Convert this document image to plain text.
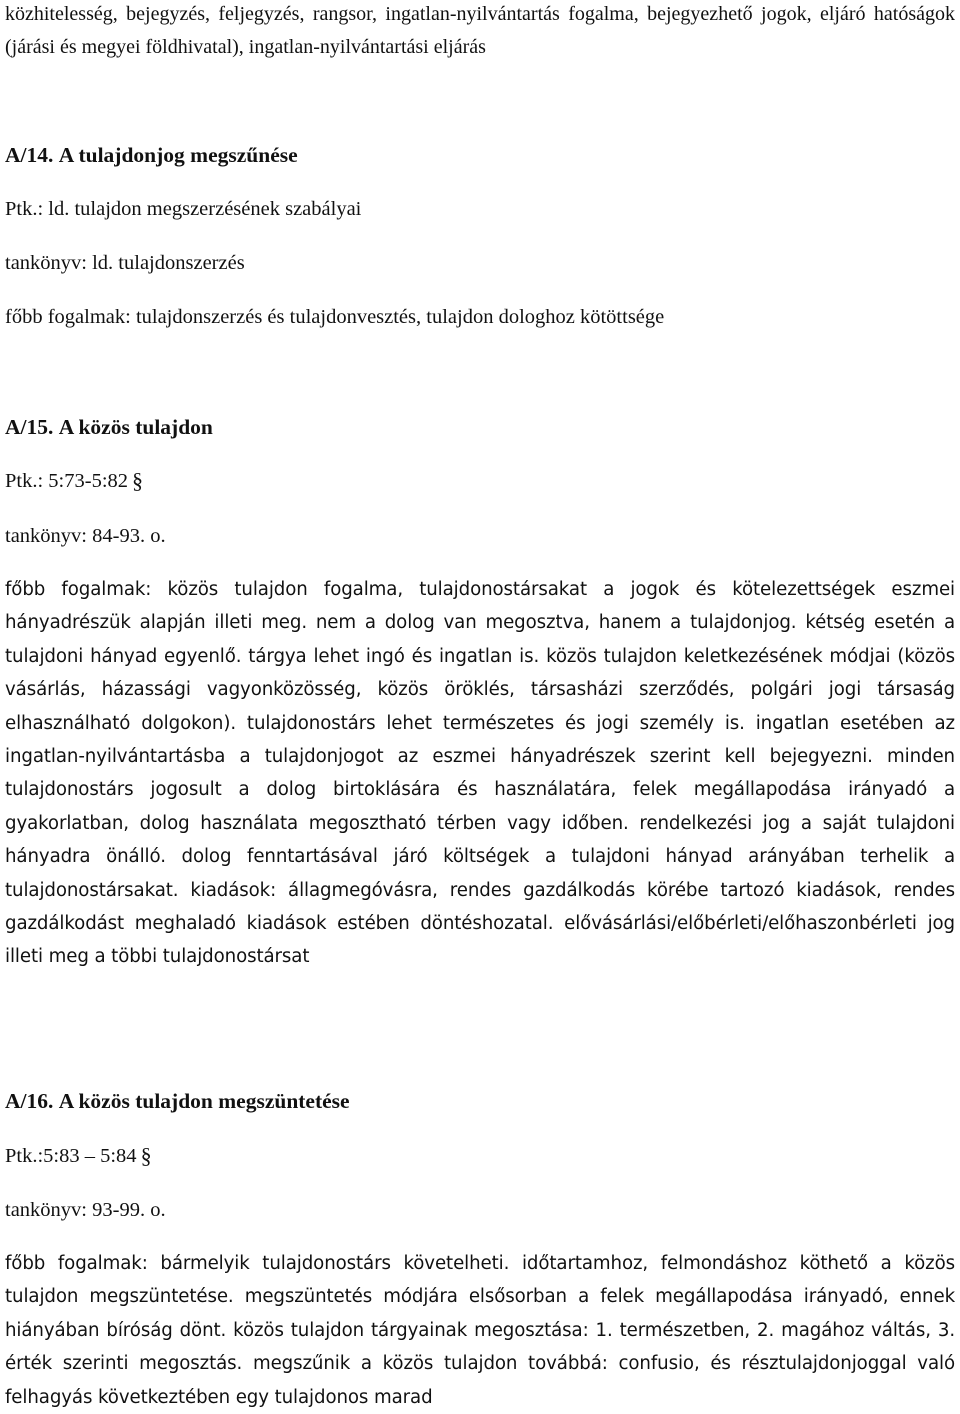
közhitelesség, bejegyzés, feljegyzés, rangsor, ingatlan-nyilvántartás fogalma, bejegyezhető jogok, eljáró hatóságok (járási és megyei földhivatal), ingatlan-nyilvántartási eljárás

A/14. A tulajdonjog megszűnése
Ptk.: ld. tulajdon megszerzésének szabályai
tankönyv: ld. tulajdonszerzés
főbb fogalmak: tulajdonszerzés és tulajdonvesztés, tulajdon dologhoz kötöttsége
A/15. A közös tulajdon
Ptk.: 5:73-5:82 §
tankönyv: 84-93. o.

főbb fogalmak: közös tulajdon fogalma, tulajdonostársakat a jogok és kötelezettségek eszmei hányadrészük alapján illeti meg. nem a dolog van megosztva, hanem a tulajdonjog. kétség esetén a tulajdoni hányad egyenlő. tárgya lehet ingó és ingatlan is. közös tulajdon keletkezésének módjai (közös vásárlás, házassági vagyonközösség, közös öröklés, társasházi szerződés, polgári jogi társaság elhasználható dolgokon). tulajdonostárs lehet természetes és jogi személy is. ingatlan esetében az ingatlan-nyilvántartásba a tulajdonjogot az eszmei hányadrészek szerint kell bejegyezni. minden tulajdonostárs jogosult a dolog birtoklására és használatára, felek megállapodása irányadó a gyakorlatban, dolog használata megosztható térben vagy időben. rendelkezési jog a saját tulajdoni hányadra önálló. dolog fenntartásával járó költségek a tulajdoni hányad arányában terhelik a tulajdonostársakat. kiadások: állagmegóvásra, rendes gazdálkodás körébe tartozó kiadások, rendes gazdálkodást meghaladó kiadások estében döntéshozatal. elővásárlási/előbérleti/előhaszonbérleti jog illeti meg a többi tulajdonostársat

A/16. A közös tulajdon megszüntetése
Ptk.:5:83 – 5:84 §
tankönyv: 93-99. o.

főbb fogalmak: bármelyik tulajdonostárs követelheti. időtartamhoz, felmondáshoz köthető a közös tulajdon megszüntetése. megszüntetés módjára elsősorban a felek megállapodása irányadó, ennek hiányában bíróság dönt. közös tulajdon tárgyainak megosztása: 1. természetben, 2. magához váltás, 3. érték szerinti megosztás. megszűnik a közös tulajdon továbbá: confusio, és résztulajdonjoggal való felhagyás következtében egy tulajdonos marad
